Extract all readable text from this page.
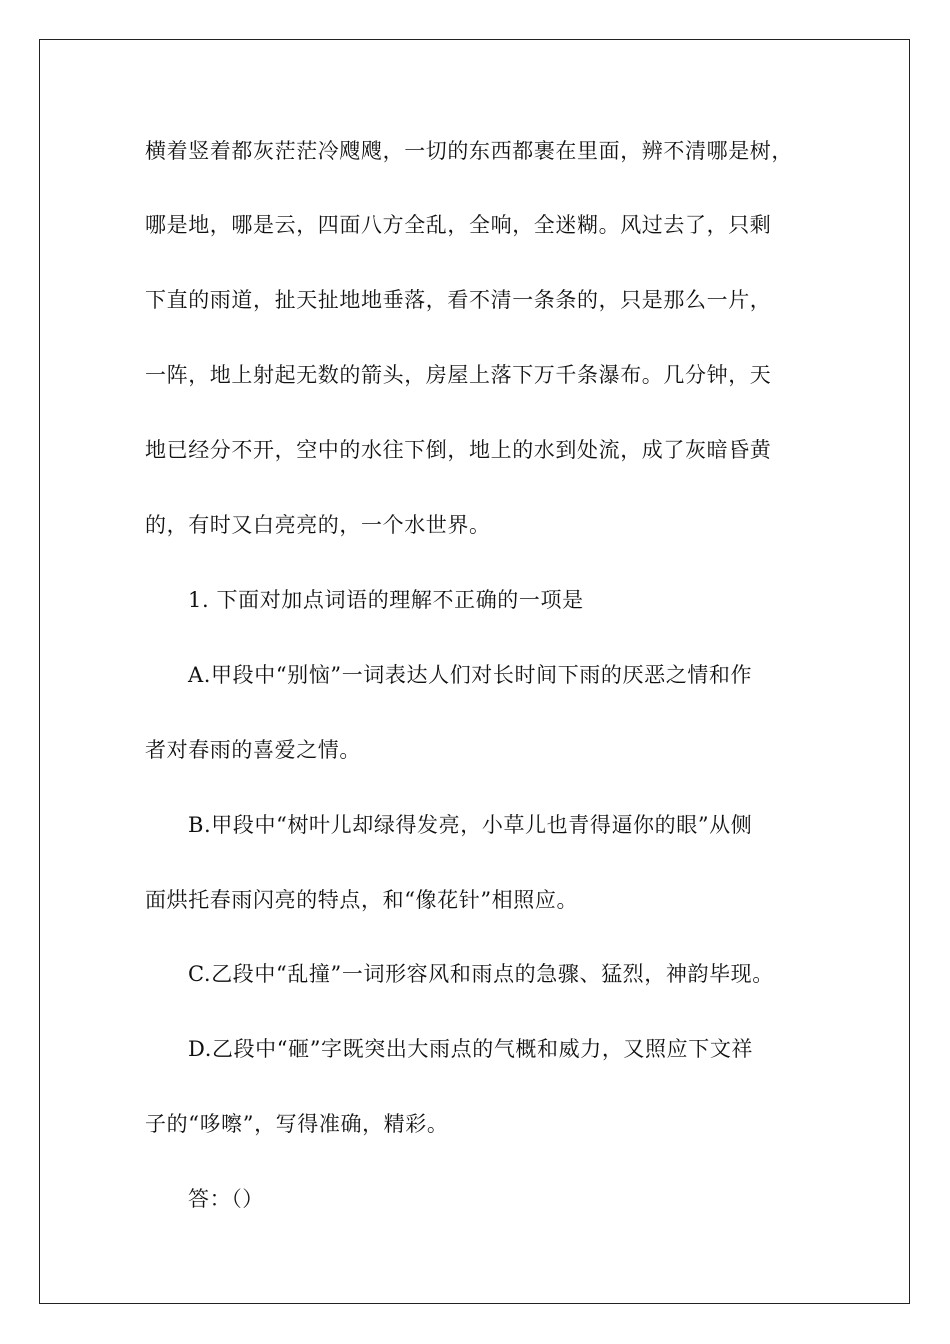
横着竖着都灰茫茫冷飕飕，一切的东西都裹在里面，辨不清哪是树，
哪是地，哪是云，四面八方全乱，全响，全迷糊。风过去了，只剩
下直的雨道，扯天扯地地垂落，看不清一条条的，只是那么一片，
一阵，地上射起无数的箭头，房屋上落下万千条瀑布。几分钟，天
地已经分不开，空中的水往下倒，地上的水到处流，成了灰暗昏黄
的，有时又白亮亮的，一个水世界。
1. 下面对加点词语的理解不正确的一项是
A.甲段中“别恼”一词表达人们对长时间下雨的厌恶之情和作
者对春雨的喜爱之情。
B.甲段中“树叶儿却绿得发亮，小草儿也青得逼你的眼”从侧
面烘托春雨闪亮的特点，和“像花针”相照应。
C.乙段中“乱撞”一词形容风和雨点的急骤、猛烈，神韵毕现。
D.乙段中“砸”字既突出大雨点的气概和威力，又照应下文祥
子的“哆嚓”，写得准确，精彩。
答：（）
